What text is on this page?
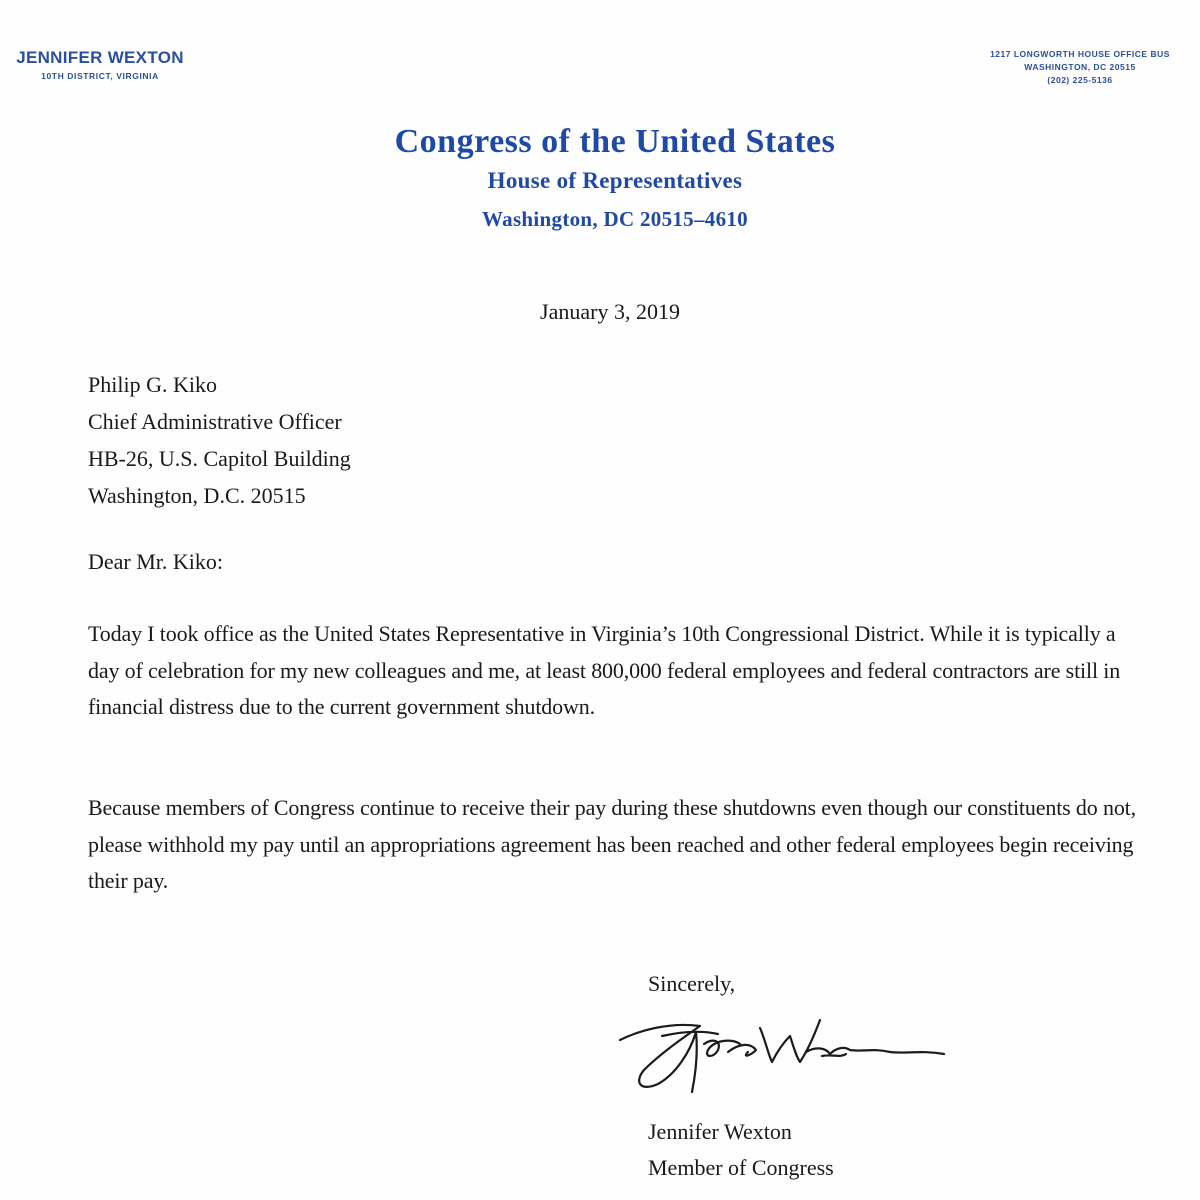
JENNIFER WEXTON
10TH DISTRICT, VIRGINIA
1217 LONGWORTH HOUSE OFFICE BUS
WASHINGTON, DC 20515
(202) 225-5136
Congress of the United States
House of Representatives
Washington, DC 20515–4610
January 3, 2019
Philip G. Kiko
Chief Administrative Officer
HB-26, U.S. Capitol Building
Washington, D.C. 20515
Dear Mr. Kiko:
Today I took office as the United States Representative in Virginia’s 10th Congressional District. While it is typically a day of celebration for my new colleagues and me, at least 800,000 federal employees and federal contractors are still in financial distress due to the current government shutdown.
Because members of Congress continue to receive their pay during these shutdowns even though our constituents do not, please withhold my pay until an appropriations agreement has been reached and other federal employees begin receiving their pay.
Sincerely,
Jennifer Wexton
Member of Congress
